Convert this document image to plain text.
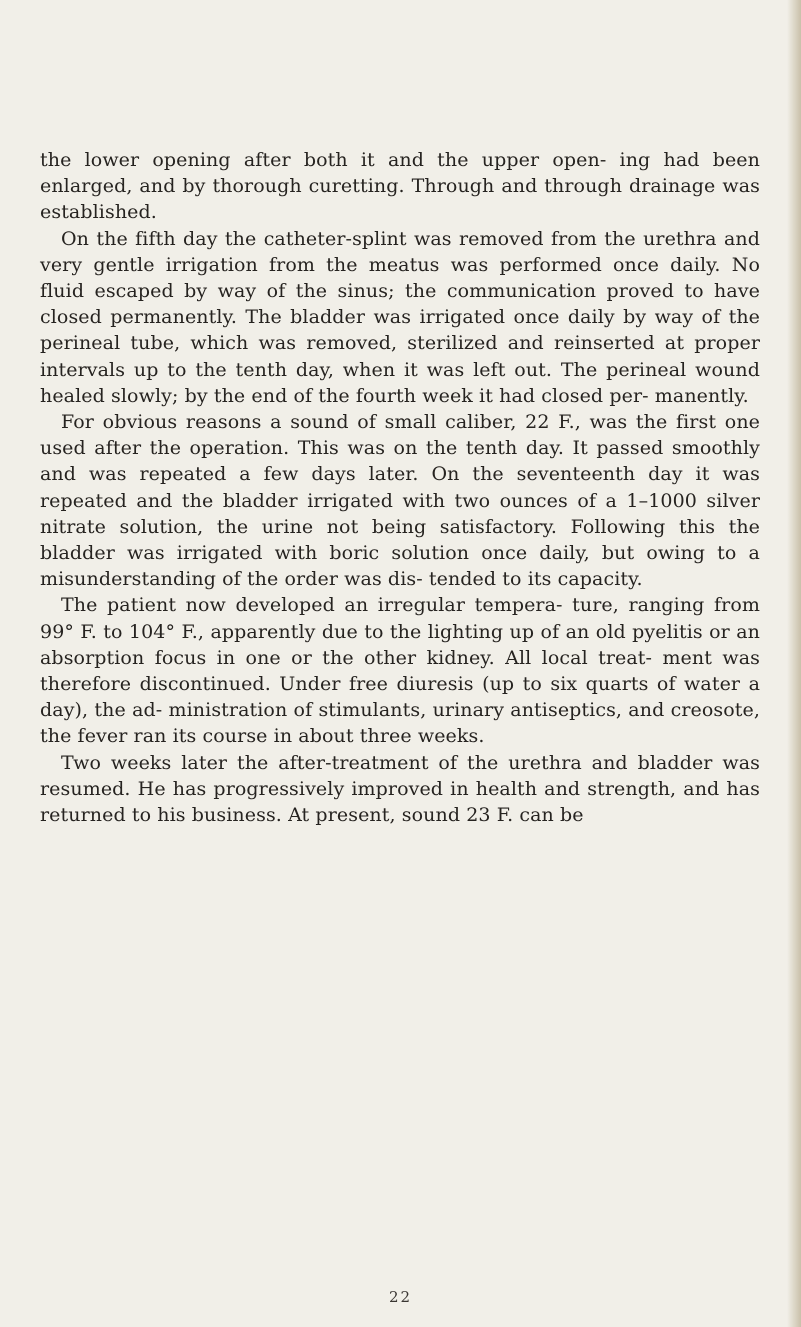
the lower opening after both it and the upper open- ing had been enlarged, and by thorough curetting. Through and through drainage was established.

On the fifth day the catheter-splint was removed from the urethra and very gentle irrigation from the meatus was performed once daily. No fluid escaped by way of the sinus; the communication proved to have closed permanently. The bladder was irrigated once daily by way of the perineal tube, which was removed, sterilized and reinserted at proper intervals up to the tenth day, when it was left out. The perineal wound healed slowly; by the end of the fourth week it had closed per- manently.

For obvious reasons a sound of small caliber, 22 F., was the first one used after the operation. This was on the tenth day. It passed smoothly and was repeated a few days later. On the seventeenth day it was repeated and the bladder irrigated with two ounces of a 1–1000 silver nitrate solution, the urine not being satisfactory. Following this the bladder was irrigated with boric solution once daily, but owing to a misunderstanding of the order was dis- tended to its capacity.

The patient now developed an irregular tempera- ture, ranging from 99° F. to 104° F., apparently due to the lighting up of an old pyelitis or an absorption focus in one or the other kidney. All local treat- ment was therefore discontinued. Under free diuresis (up to six quarts of water a day), the ad- ministration of stimulants, urinary antiseptics, and creosote, the fever ran its course in about three weeks.

Two weeks later the after-treatment of the urethra and bladder was resumed. He has progressively improved in health and strength, and has returned to his business. At present, sound 23 F. can be

22
